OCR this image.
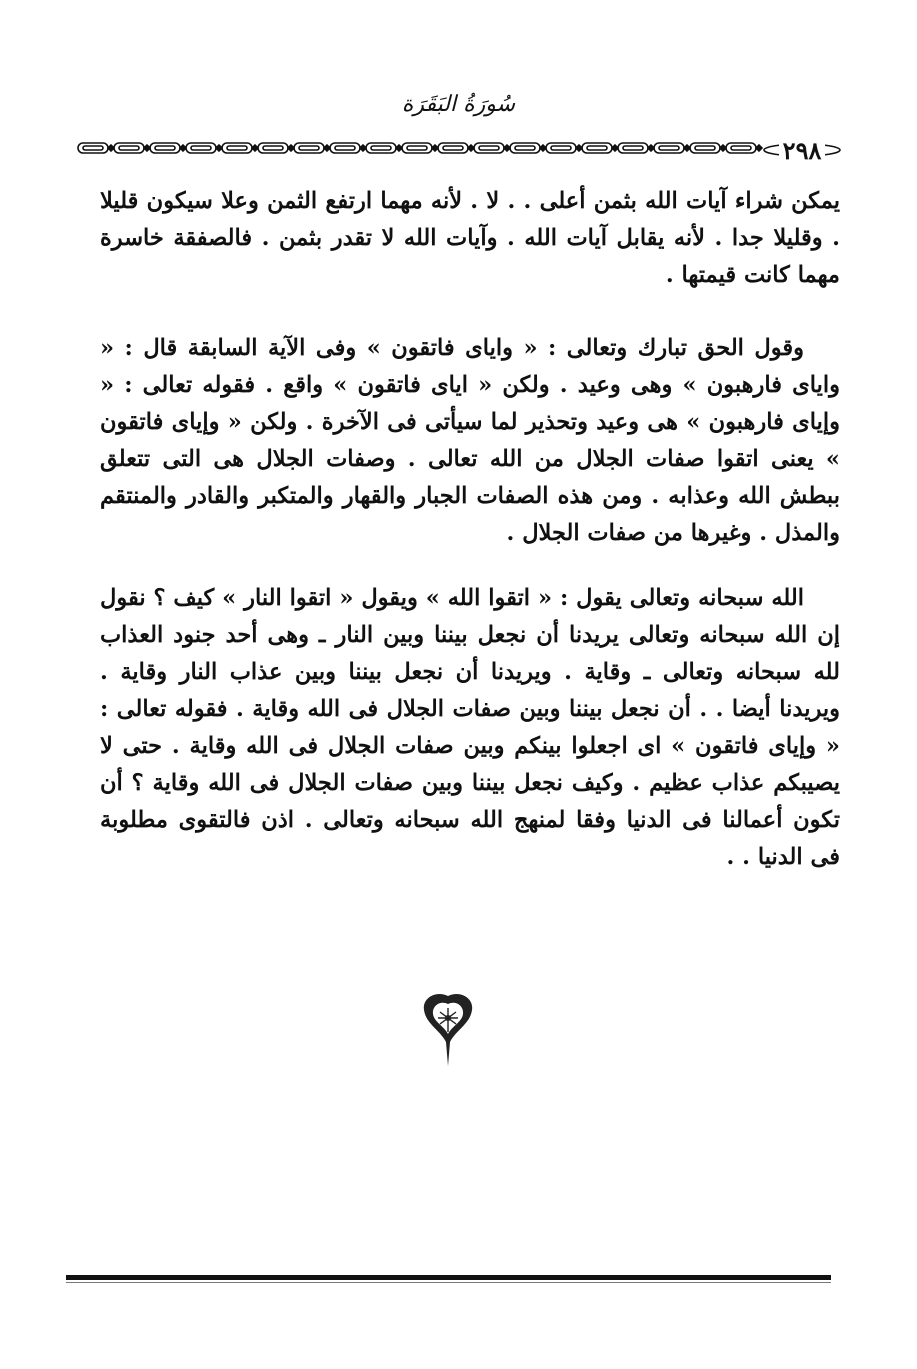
سُورَةُ البَقَرَة
٢٩٨

يمكن شراء آيات الله بثمن أعلى . . لا . لأنه مهما ارتفع الثمن وعلا سيكون قليلا . وقليلا جدا . لأنه يقابل آيات الله . وآيات الله لا تقدر بثمن . فالصفقة خاسرة مهما كانت قيمتها .

وقول الحق تبارك وتعالى : « واياى فاتقون » وفى الآية السابقة قال : « واياى فارهبون » وهى وعيد . ولكن « اياى فاتقون » واقع . فقوله تعالى : « وإياى فارهبون » هى وعيد وتحذير لما سيأتى فى الآخرة . ولكن « وإياى فاتقون » يعنى اتقوا صفات الجلال من الله تعالى . وصفات الجلال هى التى تتعلق ببطش الله وعذابه . ومن هذه الصفات الجبار والقهار والمتكبر والقادر والمنتقم والمذل . وغيرها من صفات الجلال .

الله سبحانه وتعالى يقول : « اتقوا الله » ويقول « اتقوا النار » كيف ؟ نقول إن الله سبحانه وتعالى يريدنا أن نجعل بيننا وبين النار ـ وهى أحد جنود العذاب لله سبحانه وتعالى ـ وقاية . ويريدنا أن نجعل بيننا وبين عذاب النار وقاية . ويريدنا أيضا . . أن نجعل بيننا وبين صفات الجلال فى الله وقاية . فقوله تعالى : « وإياى فاتقون » اى اجعلوا بينكم وبين صفات الجلال فى الله وقاية . حتى لا يصيبكم عذاب عظيم . وكيف نجعل بيننا وبين صفات الجلال فى الله وقاية ؟ أن تكون أعمالنا فى الدنيا وفقا لمنهج الله سبحانه وتعالى . اذن فالتقوى مطلوبة فى الدنيا . .
